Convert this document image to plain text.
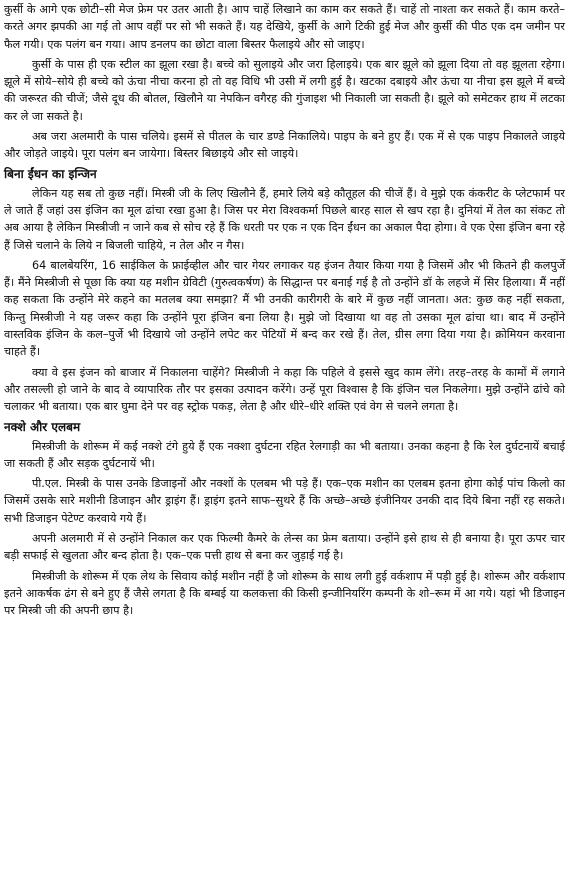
कुर्सी के आगे एक छोटी–सी मेज फ्रेम पर उतर आती है। आप चाहें लिखाने का काम कर सकते हैं। चाहें तो नाश्ता कर सकते हैं। काम करते–करते अगर झपकी आ गई तो आप वहीं पर सो भी सकते हैं। यह देखिये, कुर्सी के आगे टिकी हुई मेज और कुर्सी की पीठ एक दम जमीन पर फैल गयी। एक पलंग बन गया। आप डनलप का छोटा वाला बिस्तर फैलाइये और सो जाइए।

कुर्सी के पास ही एक स्टील का झूला रखा है। बच्चे को सुलाइये और जरा हिलाइये। एक बार झूले को झूला दिया तो वह झूलता रहेगा। झूले में सोये–सोये ही बच्चे को ऊंचा नीचा करना हो तो वह विधि भी उसी में लगी हुई है। खटका दबाइये और ऊंचा या नीचा इस झूले में बच्चे की जरूरत की चीजें; जैसे दूध की बोतल, खिलौने या नेपकिन वगैरह की गुंजाइश भी निकाली जा सकती है। झूले को समेटकर हाथ में लटका कर ले जा सकते है।

अब जरा अलमारी के पास चलिये। इसमें से पीतल के चार डण्डे निकालिये। पाइप के बने हुए हैं। एक में से एक पाइप निकालते जाइये और जोड़ते जाइये। पूरा पलंग बन जायेगा। बिस्तर बिछाइये और सो जाइये।

बिना ईंधन का इन्जिन

लेकिन यह सब तो कुछ नहीं। मिस्त्री जी के लिए खिलौने हैं, हमारे लिये बड़े कौतूहल की चीजें हैं। वे मुझे एक कंकरीट के प्लेटफार्म पर ले जाते हैं जहां उस इंजिन का मूल ढांचा रखा हुआ है। जिस पर मेरा विश्वकर्मा पिछले बारह साल से खप रहा है। दुनियां में तेल का संकट तो अब आया है लेकिन मिस्त्रीजी न जाने कब से सोच रहे हैं कि धरती पर एक न एक दिन ईंधन का अकाल पैदा होगा। वे एक ऐसा इंजिन बना रहे हैं जिसे चलाने के लिये न बिजली चाहिये, न तेल और न गैस।

64 बालबेयरिंग, 16 साईकिल के फ्राईव्हील और चार गेयर लगाकर यह इंजन तैयार किया गया है जिसमें और भी कितने ही कलपुर्जे हैं। मैंने मिस्त्रीजी से पूछा कि क्या यह मशीन ग्रेविटी (गुरुत्वकर्षण) के सिद्धान्त पर बनाई गई है तो उन्होंने डॉ के लहजे में सिर हिलाया। मैं नहीं कह सकता कि उन्होंने मेरे कहने का मतलब क्या समझा? मैं भी उनकी कारीगरी के बारे में कुछ नहीं जानता। अत: कुछ कह नहीं सकता, किन्तु मिस्त्रीजी ने यह जरूर कहा कि उन्होंने पूरा इंजिन बना लिया है। मुझे जो दिखाया था वह तो उसका मूल ढांचा था। बाद में उन्होंने वास्तविक इंजिन के कल–पुर्जे भी दिखाये जो उन्होंने लपेट कर पेटियों में बन्द कर रखे हैं। तेल, ग्रीस लगा दिया गया है। क्रोमियन करवाना चाहते हैं।

क्या वे इस इंजन को बाजार में निकालना चाहेंगे? मिस्त्रीजी ने कहा कि पहिले वे इससे खुद काम लेंगे। तरह–तरह के कामों में लगाने और तसल्ली हो जाने के बाद वे व्यापारिक तौर पर इसका उत्पादन करेंगे। उन्हें पूरा विश्वास है कि इंजिन चल निकलेगा। मुझे उन्होंने ढांचे को चलाकर भी बताया। एक बार घुमा देने पर वह स्ट्रोक पकड़, लेता है और धीरे–धीरे शक्ति एवं वेग से चलने लगता है।

नक्शे और एलबम

मिस्त्रीजी के शोरूम में कई नक्शे टंगे हुये हैं एक नक्शा दुर्घटना रहित रेलगाड़ी का भी बताया। उनका कहना है कि रेल दुर्घटनायें बचाई जा सकती हैं और सड़क दुर्घटनायें भी।

पी.एल. मिस्त्री के पास उनके डिजाइनों और नक्शों के एलबम भी पड़े हैं। एक–एक मशीन का एलबम इतना होगा कोई पांच किलो का जिसमें उसके सारे मशीनी डिजाइन और ड्राइंग हैं। ड्राइंग इतने साफ–सुथरे हैं कि अच्छे–अच्छे इंजीनियर उनकी दाद दिये बिना नहीं रह सकते। सभी डिजाइन पेटेण्ट करवाये गये हैं।

अपनी अलमारी में से उन्होंने निकाल कर एक फिल्मी कैमरे के लेन्स का फ्रेम बताया। उन्होंने इसे हाथ से ही बनाया है। पूरा ऊपर चार बड़ी सफाई से खुलता और बन्द होता है। एक–एक पत्ती हाथ से बना कर जुड़ाई गई है।

मिस्त्रीजी के शोरूम में एक लेथ के सिवाय कोई मशीन नहीं है जो शोरूम के साथ लगी हुई वर्कशाप में पड़ी हुई है। शोरूम और वर्कशाप इतने आकर्षक ढंग से बने हुए हैं जैसे लगता है कि बम्बई या कलकत्ता की किसी इन्जीनियरिंग कम्पनी के शो–रूम में आ गये। यहां भी डिजाइन पर मिस्त्री जी की अपनी छाप है।
